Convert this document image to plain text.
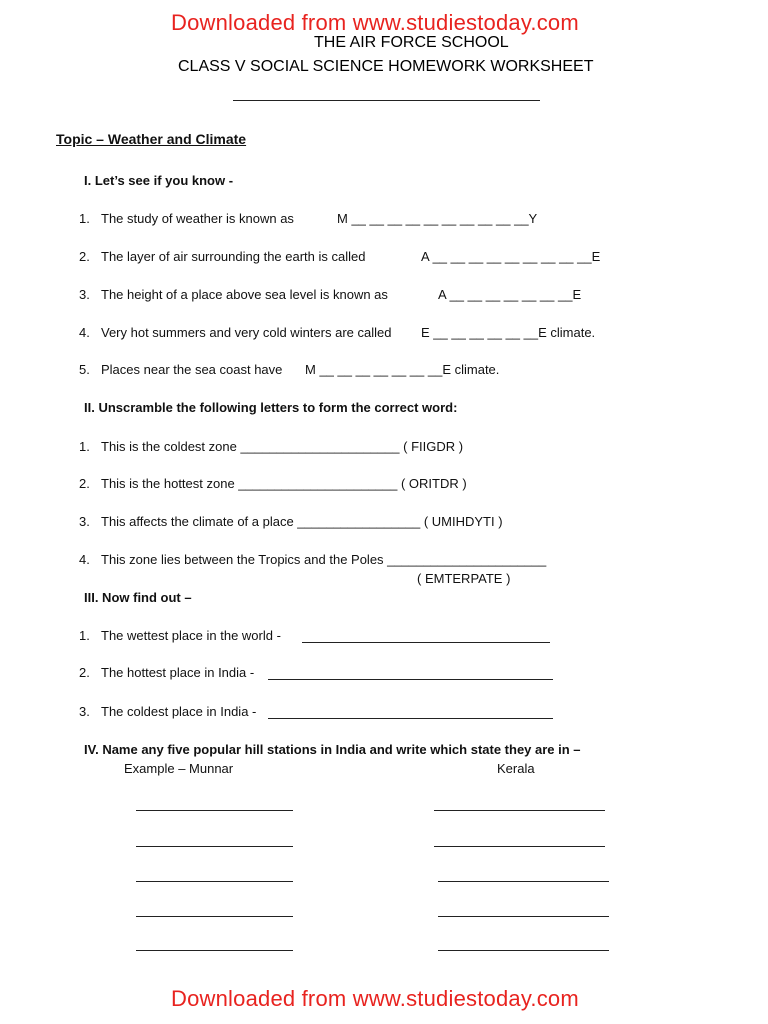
Downloaded from www.studiestoday.com
THE AIR FORCE SCHOOL
CLASS V SOCIAL SCIENCE HOMEWORK WORKSHEET
Topic – Weather and Climate
I. Let’s see if you know -
1. The study of weather is known as	M __ __ __ __ __ __ __ __ __ __Y
2. The layer of air surrounding the earth is called	A __ __ __ __ __ __ __ __ __E
3. The height of a place above sea level is known as	A __ __ __ __ __ __ __E
4. Very hot summers and very cold winters are called E __ __ __ __ __ __E climate.
5. Places near the sea coast have M __ __ __ __ __ __ __E climate.
II. Unscramble the following letters to form the correct word:
1. This is the coldest zone ______________________ ( FIIGDR )
2. This is the hottest zone ______________________ ( ORITDR )
3. This affects the climate of a place _________________ ( UMIHDYTI )
4. This zone lies between the Tropics and the Poles ______________________
( EMTERPATE )
III. Now find out –
1. The wettest place in the world -
2. The hottest place in India -
3. The coldest place in India -
IV. Name any five popular hill stations in India and write which state they are in –
Example – Munnar	Kerala
Downloaded from www.studiestoday.com
